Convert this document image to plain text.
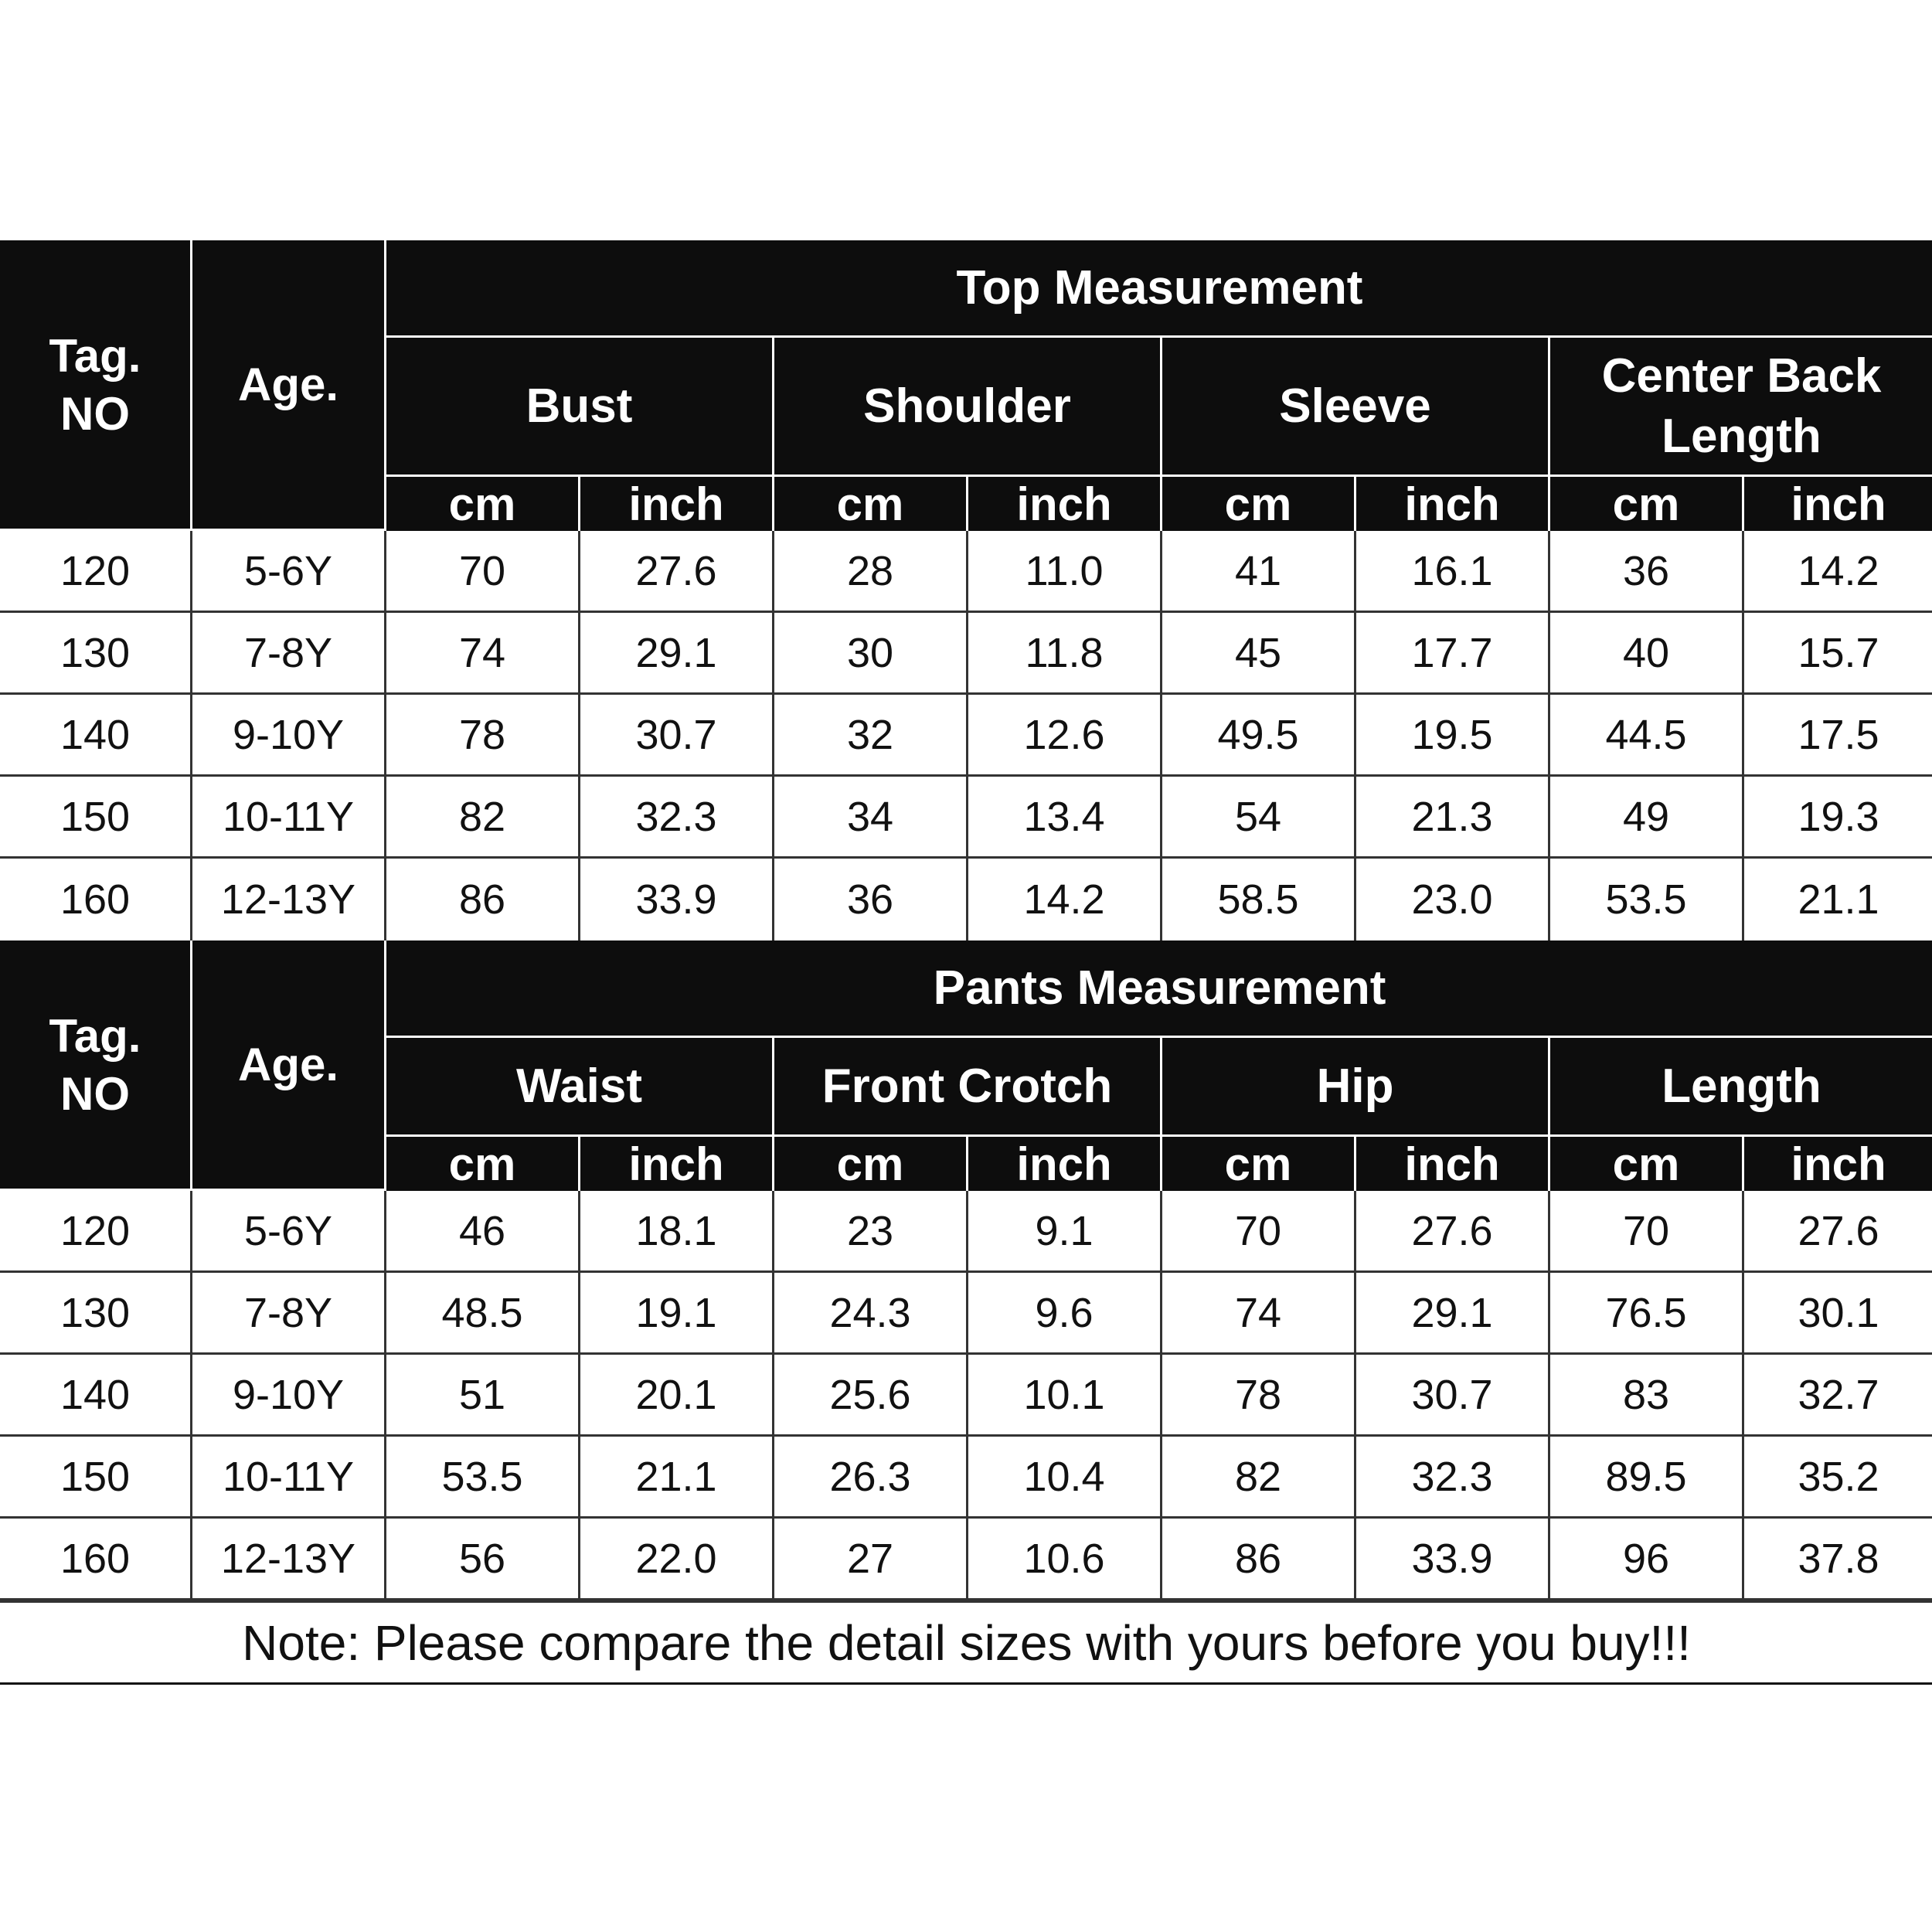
Tag.
NO
Age.
Top Measurement
Bust	Shoulder	Sleeve
Center Back
Length
cm	inch	cm	inch	cm	inch	cm	inch
120	5-6Y	70	27.6	28	11.0	41	16.1	36	14.2
130	7-8Y	74	29.1	30	11.8	45	17.7	40	15.7
140	9-10Y	78	30.7	32	12.6	49.5	19.5	44.5	17.5
150	10-11Y	82	32.3	34	13.4	54	21.3	49	19.3
160	12-13Y	86	33.9	36	14.2	58.5	23.0	53.5	21.1
Tag.
NO
Age.
Pants Measurement
Waist	Front Crotch	Hip	Length
cm	inch	cm	inch	cm	inch	cm	inch
120	5-6Y	46	18.1	23	9.1	70	27.6	70	27.6
130	7-8Y	48.5	19.1	24.3	9.6	74	29.1	76.5	30.1
140	9-10Y	51	20.1	25.6	10.1	78	30.7	83	32.7
150	10-11Y	53.5	21.1	26.3	10.4	82	32.3	89.5	35.2
160	12-13Y	56	22.0	27	10.6	86	33.9	96	37.8
Note: Please compare the detail sizes with yours before you buy!!!
